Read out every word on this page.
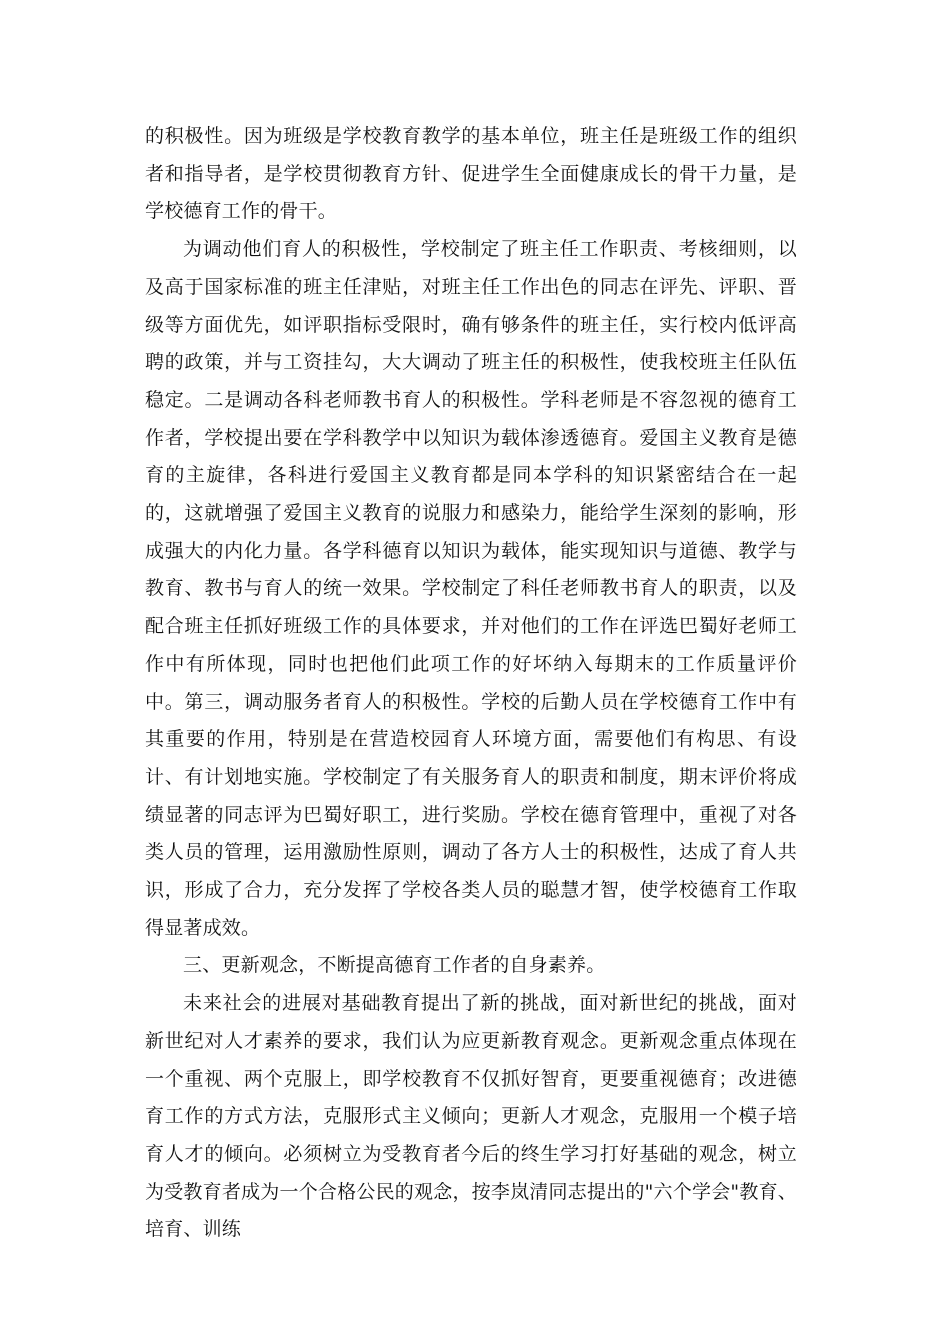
的积极性。因为班级是学校教育教学的基本单位，班主任是班级工作的组织者和指导者，是学校贯彻教育方针、促进学生全面健康成长的骨干力量，是学校德育工作的骨干。

为调动他们育人的积极性，学校制定了班主任工作职责、考核细则，以及高于国家标准的班主任津贴，对班主任工作出色的同志在评先、评职、晋级等方面优先，如评职指标受限时，确有够条件的班主任，实行校内低评高聘的政策，并与工资挂勾，大大调动了班主任的积极性，使我校班主任队伍稳定。二是调动各科老师教书育人的积极性。学科老师是不容忽视的德育工作者，学校提出要在学科教学中以知识为载体渗透德育。爱国主义教育是德育的主旋律，各科进行爱国主义教育都是同本学科的知识紧密结合在一起的，这就增强了爱国主义教育的说服力和感染力，能给学生深刻的影响，形成强大的内化力量。各学科德育以知识为载体，能实现知识与道德、教学与教育、教书与育人的统一效果。学校制定了科任老师教书育人的职责，以及配合班主任抓好班级工作的具体要求，并对他们的工作在评选巴蜀好老师工作中有所体现，同时也把他们此项工作的好坏纳入每期末的工作质量评价中。第三，调动服务者育人的积极性。学校的后勤人员在学校德育工作中有其重要的作用，特别是在营造校园育人环境方面，需要他们有构思、有设计、有计划地实施。学校制定了有关服务育人的职责和制度，期末评价将成绩显著的同志评为巴蜀好职工，进行奖励。学校在德育管理中，重视了对各类人员的管理，运用激励性原则，调动了各方人士的积极性，达成了育人共识，形成了合力，充分发挥了学校各类人员的聪慧才智，使学校德育工作取得显著成效。

三、更新观念，不断提高德育工作者的自身素养。

未来社会的进展对基础教育提出了新的挑战，面对新世纪的挑战，面对新世纪对人才素养的要求，我们认为应更新教育观念。更新观念重点体现在一个重视、两个克服上，即学校教育不仅抓好智育，更要重视德育；改进德育工作的方式方法，克服形式主义倾向；更新人才观念，克服用一个模子培育人才的倾向。必须树立为受教育者今后的终生学习打好基础的观念，树立为受教育者成为一个合格公民的观念，按李岚清同志提出的"六个学会"教育、培育、训练
